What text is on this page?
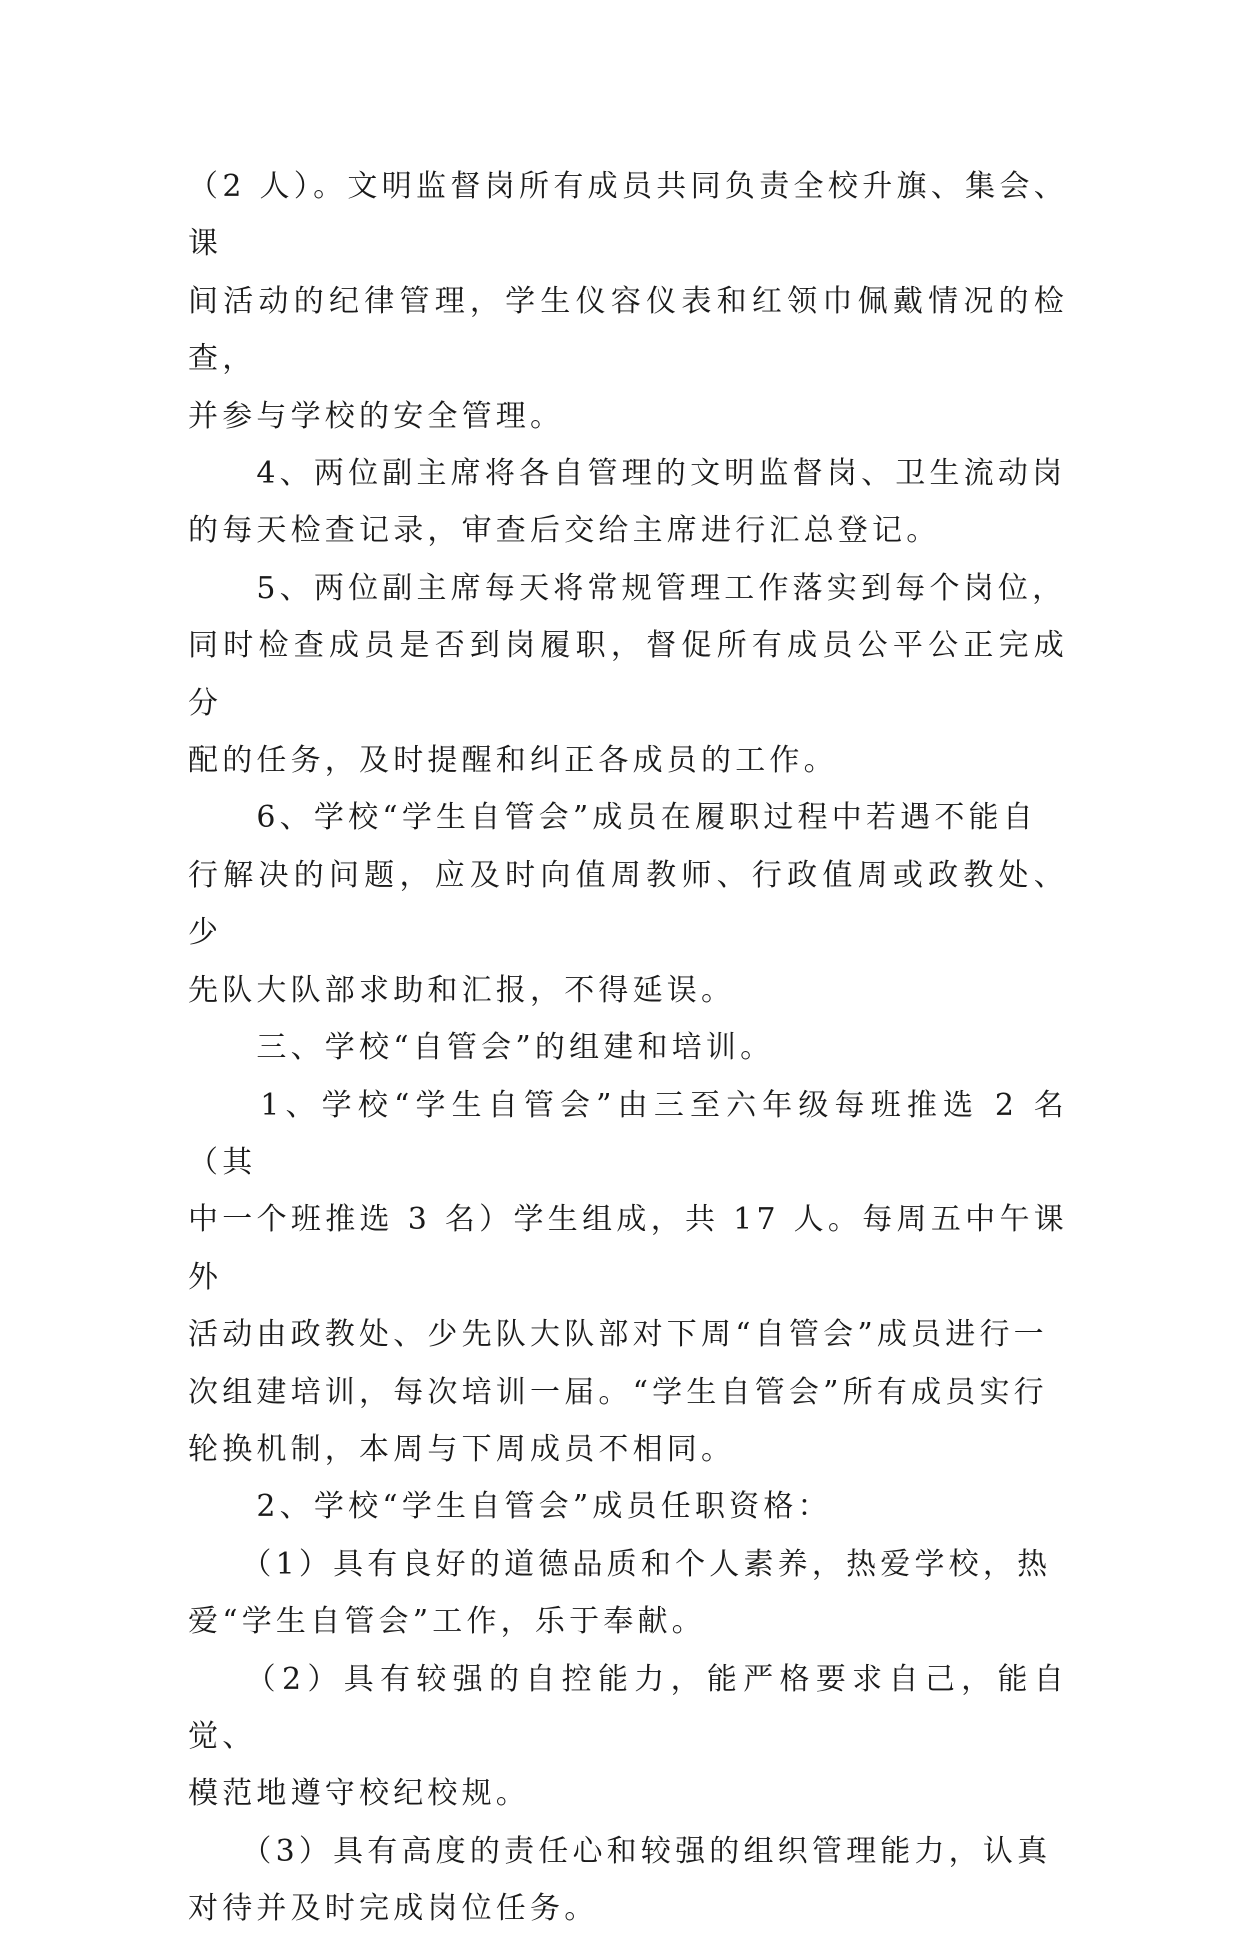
（2 人）。文明监督岗所有成员共同负责全校升旗、集会、课
间活动的纪律管理，学生仪容仪表和红领巾佩戴情况的检查，
并参与学校的安全管理。

　　4、两位副主席将各自管理的文明监督岗、卫生流动岗
的每天检查记录，审查后交给主席进行汇总登记。

　　5、两位副主席每天将常规管理工作落实到每个岗位，
同时检查成员是否到岗履职，督促所有成员公平公正完成分
配的任务，及时提醒和纠正各成员的工作。

　　6、学校“学生自管会”成员在履职过程中若遇不能自
行解决的问题，应及时向值周教师、行政值周或政教处、少
先队大队部求助和汇报，不得延误。

　　三、学校“自管会”的组建和培训。

　　1、学校“学生自管会”由三至六年级每班推选 2 名（其
中一个班推选 3 名）学生组成，共 17 人。每周五中午课外
活动由政教处、少先队大队部对下周“自管会”成员进行一
次组建培训，每次培训一届。“学生自管会”所有成员实行
轮换机制，本周与下周成员不相同。

　　2、学校“学生自管会”成员任职资格：

　　（1）具有良好的道德品质和个人素养，热爱学校，热
爱“学生自管会”工作，乐于奉献。

　　（2）具有较强的自控能力，能严格要求自己，能自觉、
模范地遵守校纪校规。

　　（3）具有高度的责任心和较强的组织管理能力，认真
对待并及时完成岗位任务。
